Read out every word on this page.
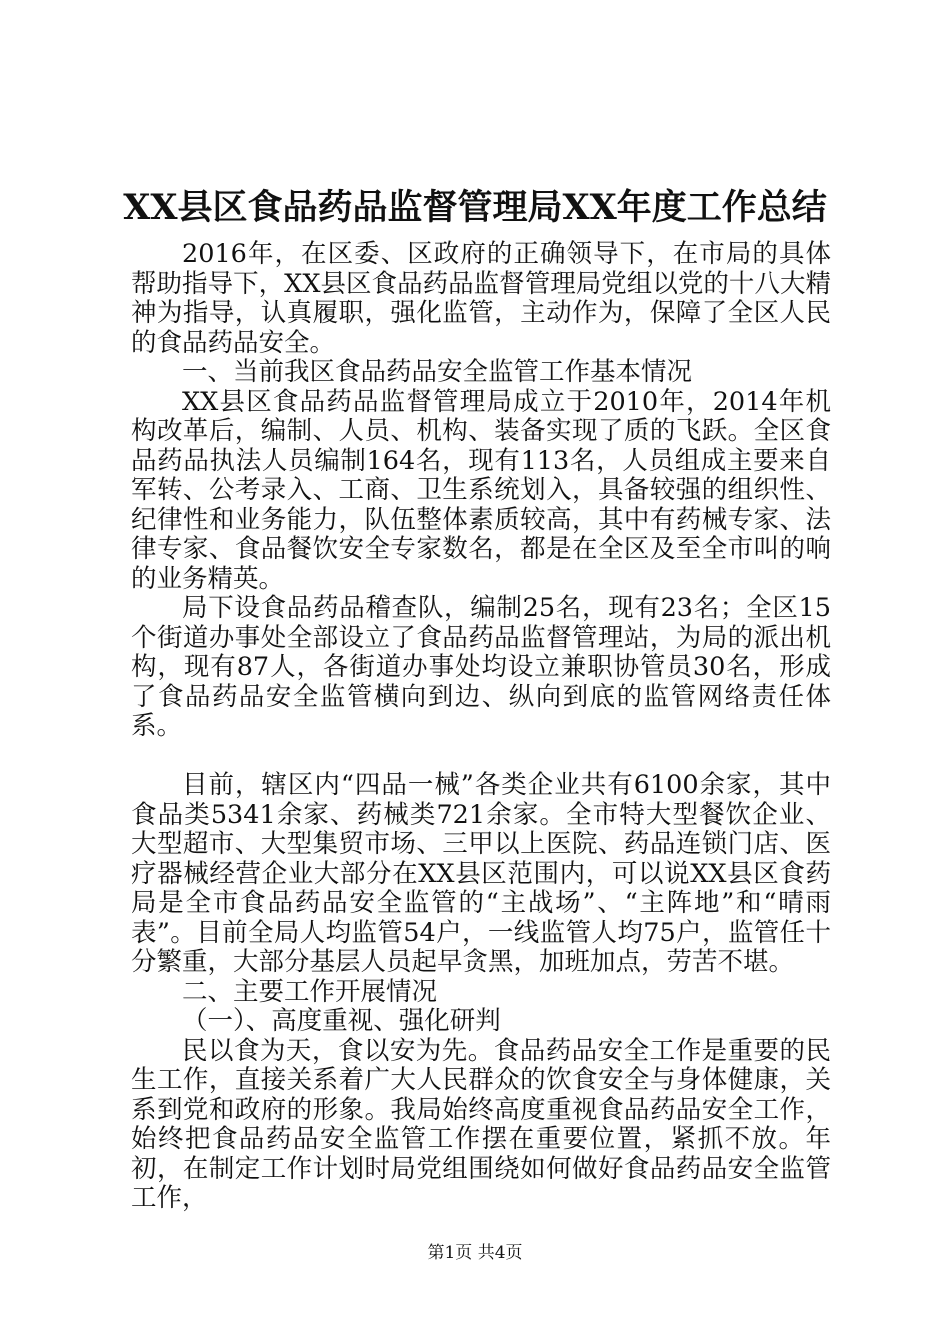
XX县区食品药品监督管理局XX年度工作总结

2016年，在区委、区政府的正确领导下，在市局的具体帮助指导下，XX县区食品药品监督管理局党组以党的十八大精神为指导，认真履职，强化监管，主动作为，保障了全区人民的食品药品安全。

一、当前我区食品药品安全监管工作基本情况

XX县区食品药品监督管理局成立于2010年，2014年机构改革后，编制、人员、机构、装备实现了质的飞跃。全区食品药品执法人员编制164名，现有113名，人员组成主要来自军转、公考录入、工商、卫生系统划入，具备较强的组织性、纪律性和业务能力，队伍整体素质较高，其中有药械专家、法律专家、食品餐饮安全专家数名，都是在全区及至全市叫的响的业务精英。

局下设食品药品稽查队，编制25名，现有23名；全区15个街道办事处全部设立了食品药品监督管理站，为局的派出机构，现有87人，各街道办事处均设立兼职协管员30名，形成了食品药品安全监管横向到边、纵向到底的监管网络责任体系。

目前，辖区内“四品一械”各类企业共有6100余家，其中食品类5341余家、药械类721余家。全市特大型餐饮企业、大型超市、大型集贸市场、三甲以上医院、药品连锁门店、医疗器械经营企业大部分在XX县区范围内，可以说XX县区食药局是全市食品药品安全监管的“主战场”、“主阵地”和“晴雨表”。目前全局人均监管54户，一线监管人均75户，监管任十分繁重，大部分基层人员起早贪黑，加班加点，劳苦不堪。

二、主要工作开展情况

（一）、高度重视、强化研判

民以食为天，食以安为先。食品药品安全工作是重要的民生工作，直接关系着广大人民群众的饮食安全与身体健康，关系到党和政府的形象。我局始终高度重视食品药品安全工作，始终把食品药品安全监管工作摆在重要位置，紧抓不放。年初，在制定工作计划时局党组围绕如何做好食品药品安全监管工作，

第1页 共4页
